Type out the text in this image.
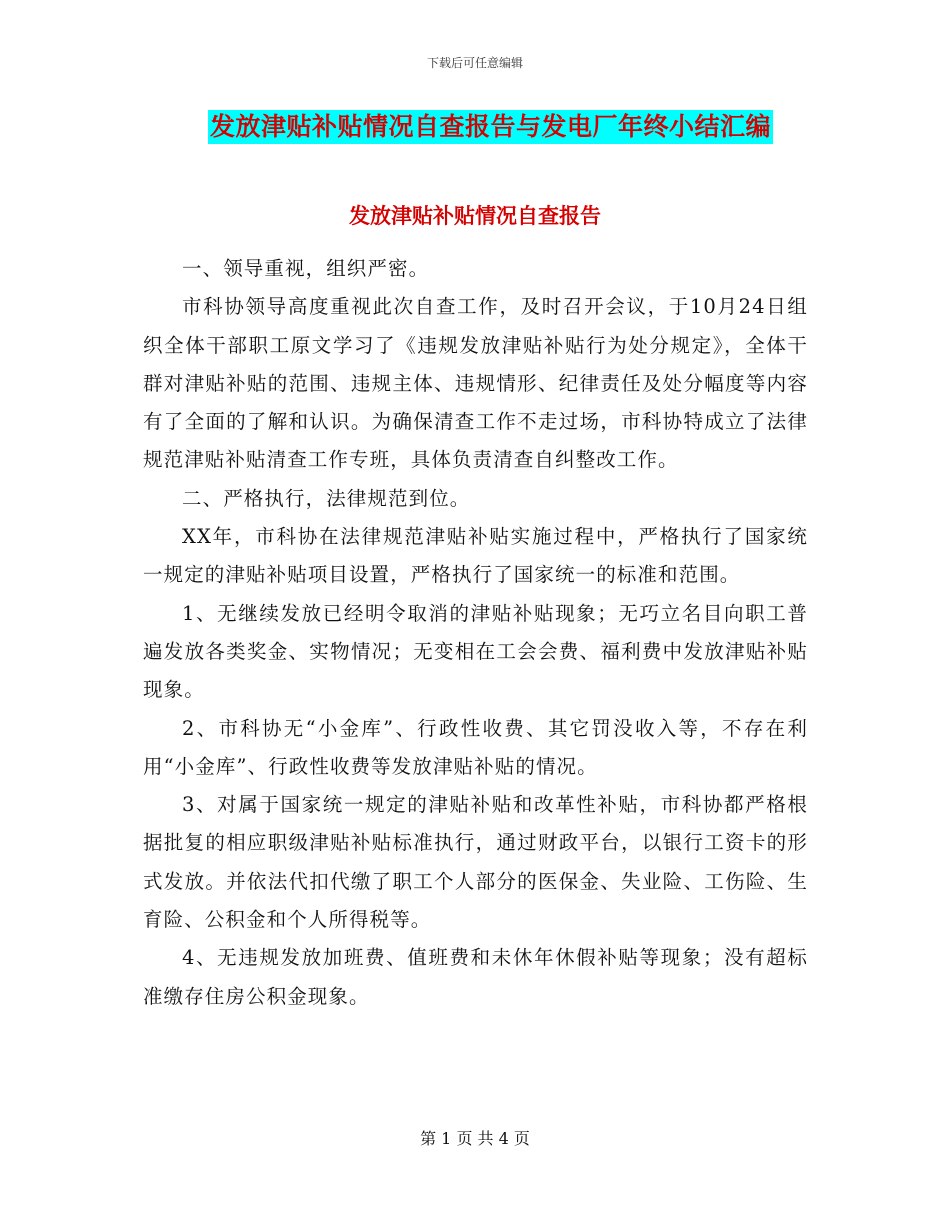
下载后可任意编辑
发放津贴补贴情况自查报告与发电厂年终小结汇编
发放津贴补贴情况自查报告

一、领导重视，组织严密。

市科协领导高度重视此次自查工作，及时召开会议，于10月24日组织全体干部职工原文学习了《违规发放津贴补贴行为处分规定》，全体干群对津贴补贴的范围、违规主体、违规情形、纪律责任及处分幅度等内容有了全面的了解和认识。为确保清查工作不走过场，市科协特成立了法律规范津贴补贴清查工作专班，具体负责清查自纠整改工作。

二、严格执行，法律规范到位。

XX年，市科协在法律规范津贴补贴实施过程中，严格执行了国家统一规定的津贴补贴项目设置，严格执行了国家统一的标准和范围。

1、无继续发放已经明令取消的津贴补贴现象；无巧立名目向职工普遍发放各类奖金、实物情况；无变相在工会会费、福利费中发放津贴补贴现象。

2、市科协无“小金库”、行政性收费、其它罚没收入等，不存在利用“小金库”、行政性收费等发放津贴补贴的情况。

3、对属于国家统一规定的津贴补贴和改革性补贴，市科协都严格根据批复的相应职级津贴补贴标准执行，通过财政平台，以银行工资卡的形式发放。并依法代扣代缴了职工个人部分的医保金、失业险、工伤险、生育险、公积金和个人所得税等。

4、无违规发放加班费、值班费和未休年休假补贴等现象；没有超标准缴存住房公积金现象。

第 1 页 共 4 页
